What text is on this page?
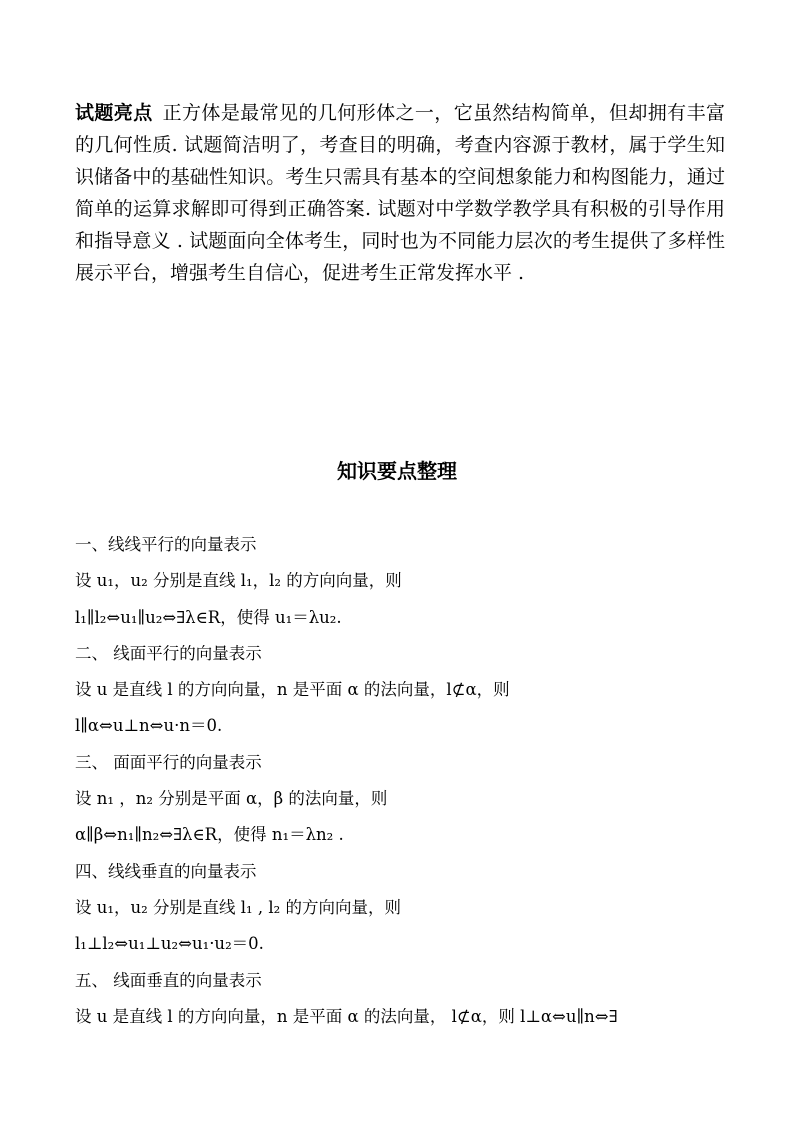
试题亮点 正方体是最常见的几何形体之一，它虽然结构简单，但却拥有丰富的几何性质. 试题简洁明了，考查目的明确，考查内容源于教材，属于学生知识储备中的基础性知识。考生只需具有基本的空间想象能力和构图能力，通过简单的运算求解即可得到正确答案. 试题对中学数学教学具有积极的引导作用和指导意义 . 试题面向全体考生，同时也为不同能力层次的考生提供了多样性展示平台，增强考生自信心，促进考生正常发挥水平 .

知识要点整理
一、线线平行的向量表示
设 u₁，u₂ 分别是直线 l₁，l₂ 的方向向量，则
l₁∥l₂⇔u₁∥u₂⇔∃λ∈R，使得 u₁＝λu₂.
二、 线面平行的向量表示
设 u 是直线 l 的方向向量，n 是平面 α 的法向量，l⊄α，则
l∥α⇔u⊥n⇔u·n＝0.
三、 面面平行的向量表示
设 n₁ ，n₂ 分别是平面 α，β 的法向量，则
α∥β⇔n₁∥n₂⇔∃λ∈R，使得 n₁＝λn₂ .
四、线线垂直的向量表示
设 u₁，u₂ 分别是直线 l₁ , l₂ 的方向向量，则
l₁⊥l₂⇔u₁⊥u₂⇔u₁·u₂＝0.
五、 线面垂直的向量表示
设 u 是直线 l 的方向向量，n 是平面 α 的法向量， l⊄α，则 l⊥α⇔u∥n⇔∃
